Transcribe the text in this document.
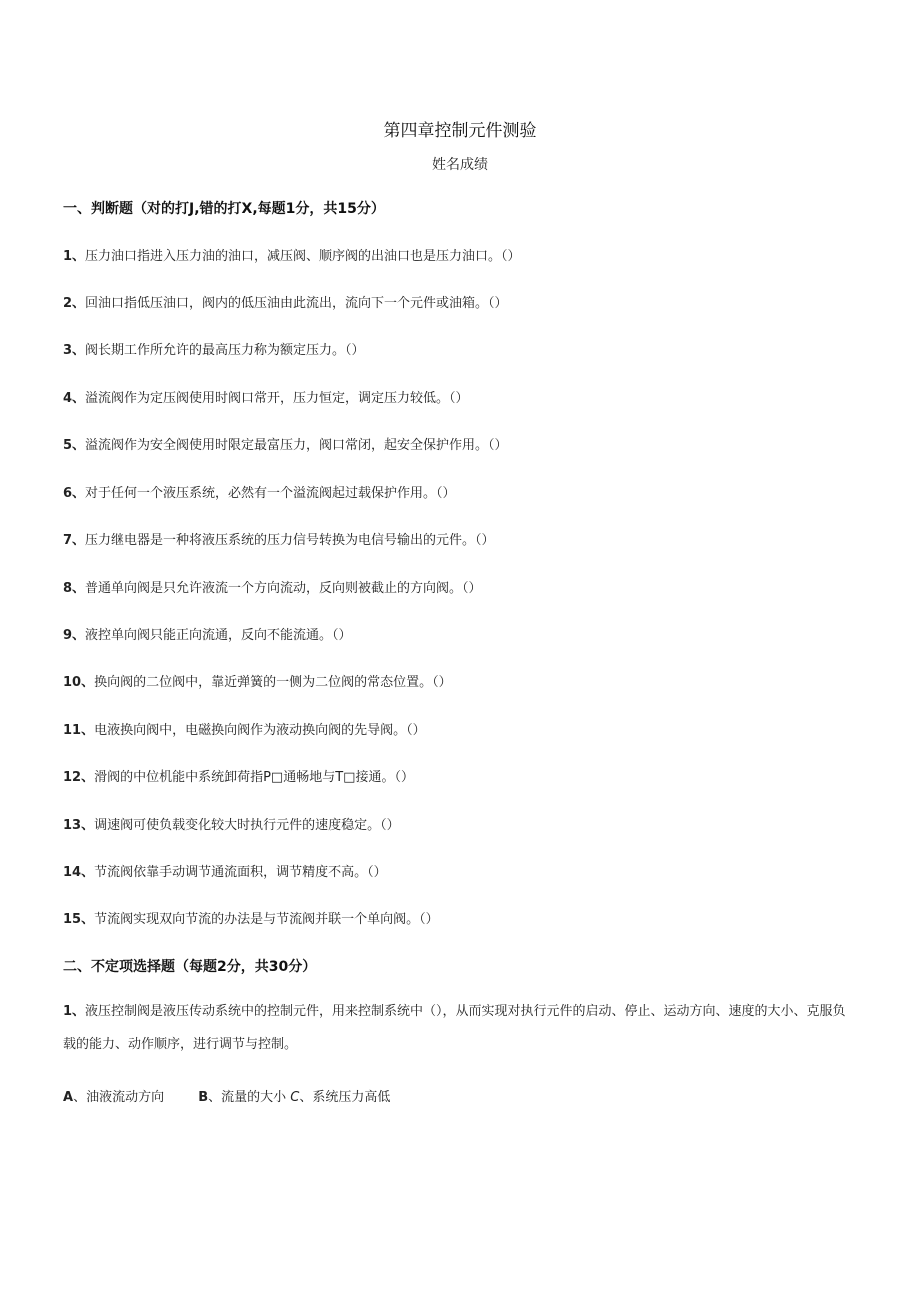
第四章控制元件测验
姓名成绩
一、判断题（对的打J,错的打X,每题1分，共15分）
1、压力油口指进入压力油的油口，减压阀、顺序阀的出油口也是压力油口。（）
2、回油口指低压油口，阀内的低压油由此流出，流向下一个元件或油箱。（）
3、阀长期工作所允许的最高压力称为额定压力。（）
4、溢流阀作为定压阀使用时阀口常开，压力恒定，调定压力较低。（）
5、溢流阀作为安全阀使用时限定最富压力，阀口常闭，起安全保护作用。（）
6、对于任何一个液压系统，必然有一个溢流阀起过载保护作用。（）
7、压力继电器是一种将液压系统的压力信号转换为电信号输出的元件。（）
8、普通单向阀是只允许液流一个方向流动，反向则被截止的方向阀。（）
9、液控单向阀只能正向流通，反向不能流通。（）
10、换向阀的二位阀中，靠近弹簧的一侧为二位阀的常态位置。（）
11、电液换向阀中，电磁换向阀作为液动换向阀的先导阀。（）
12、滑阀的中位机能中系统卸荷指P□通畅地与T□接通。（）
13、调速阀可使负载变化较大时执行元件的速度稳定。（）
14、节流阀依靠手动调节通流面积，调节精度不高。（）
15、节流阀实现双向节流的办法是与节流阀并联一个单向阀。（）
二、不定项选择题（每题2分，共30分）
1、液压控制阀是液压传动系统中的控制元件，用来控制系统中（），从而实现对执行元件的启动、停止、运动方向、速度的大小、克服负载的能力、动作顺序，进行调节与控制。
A、油液流动方向	B、流量的大小 C、系统压力高低
